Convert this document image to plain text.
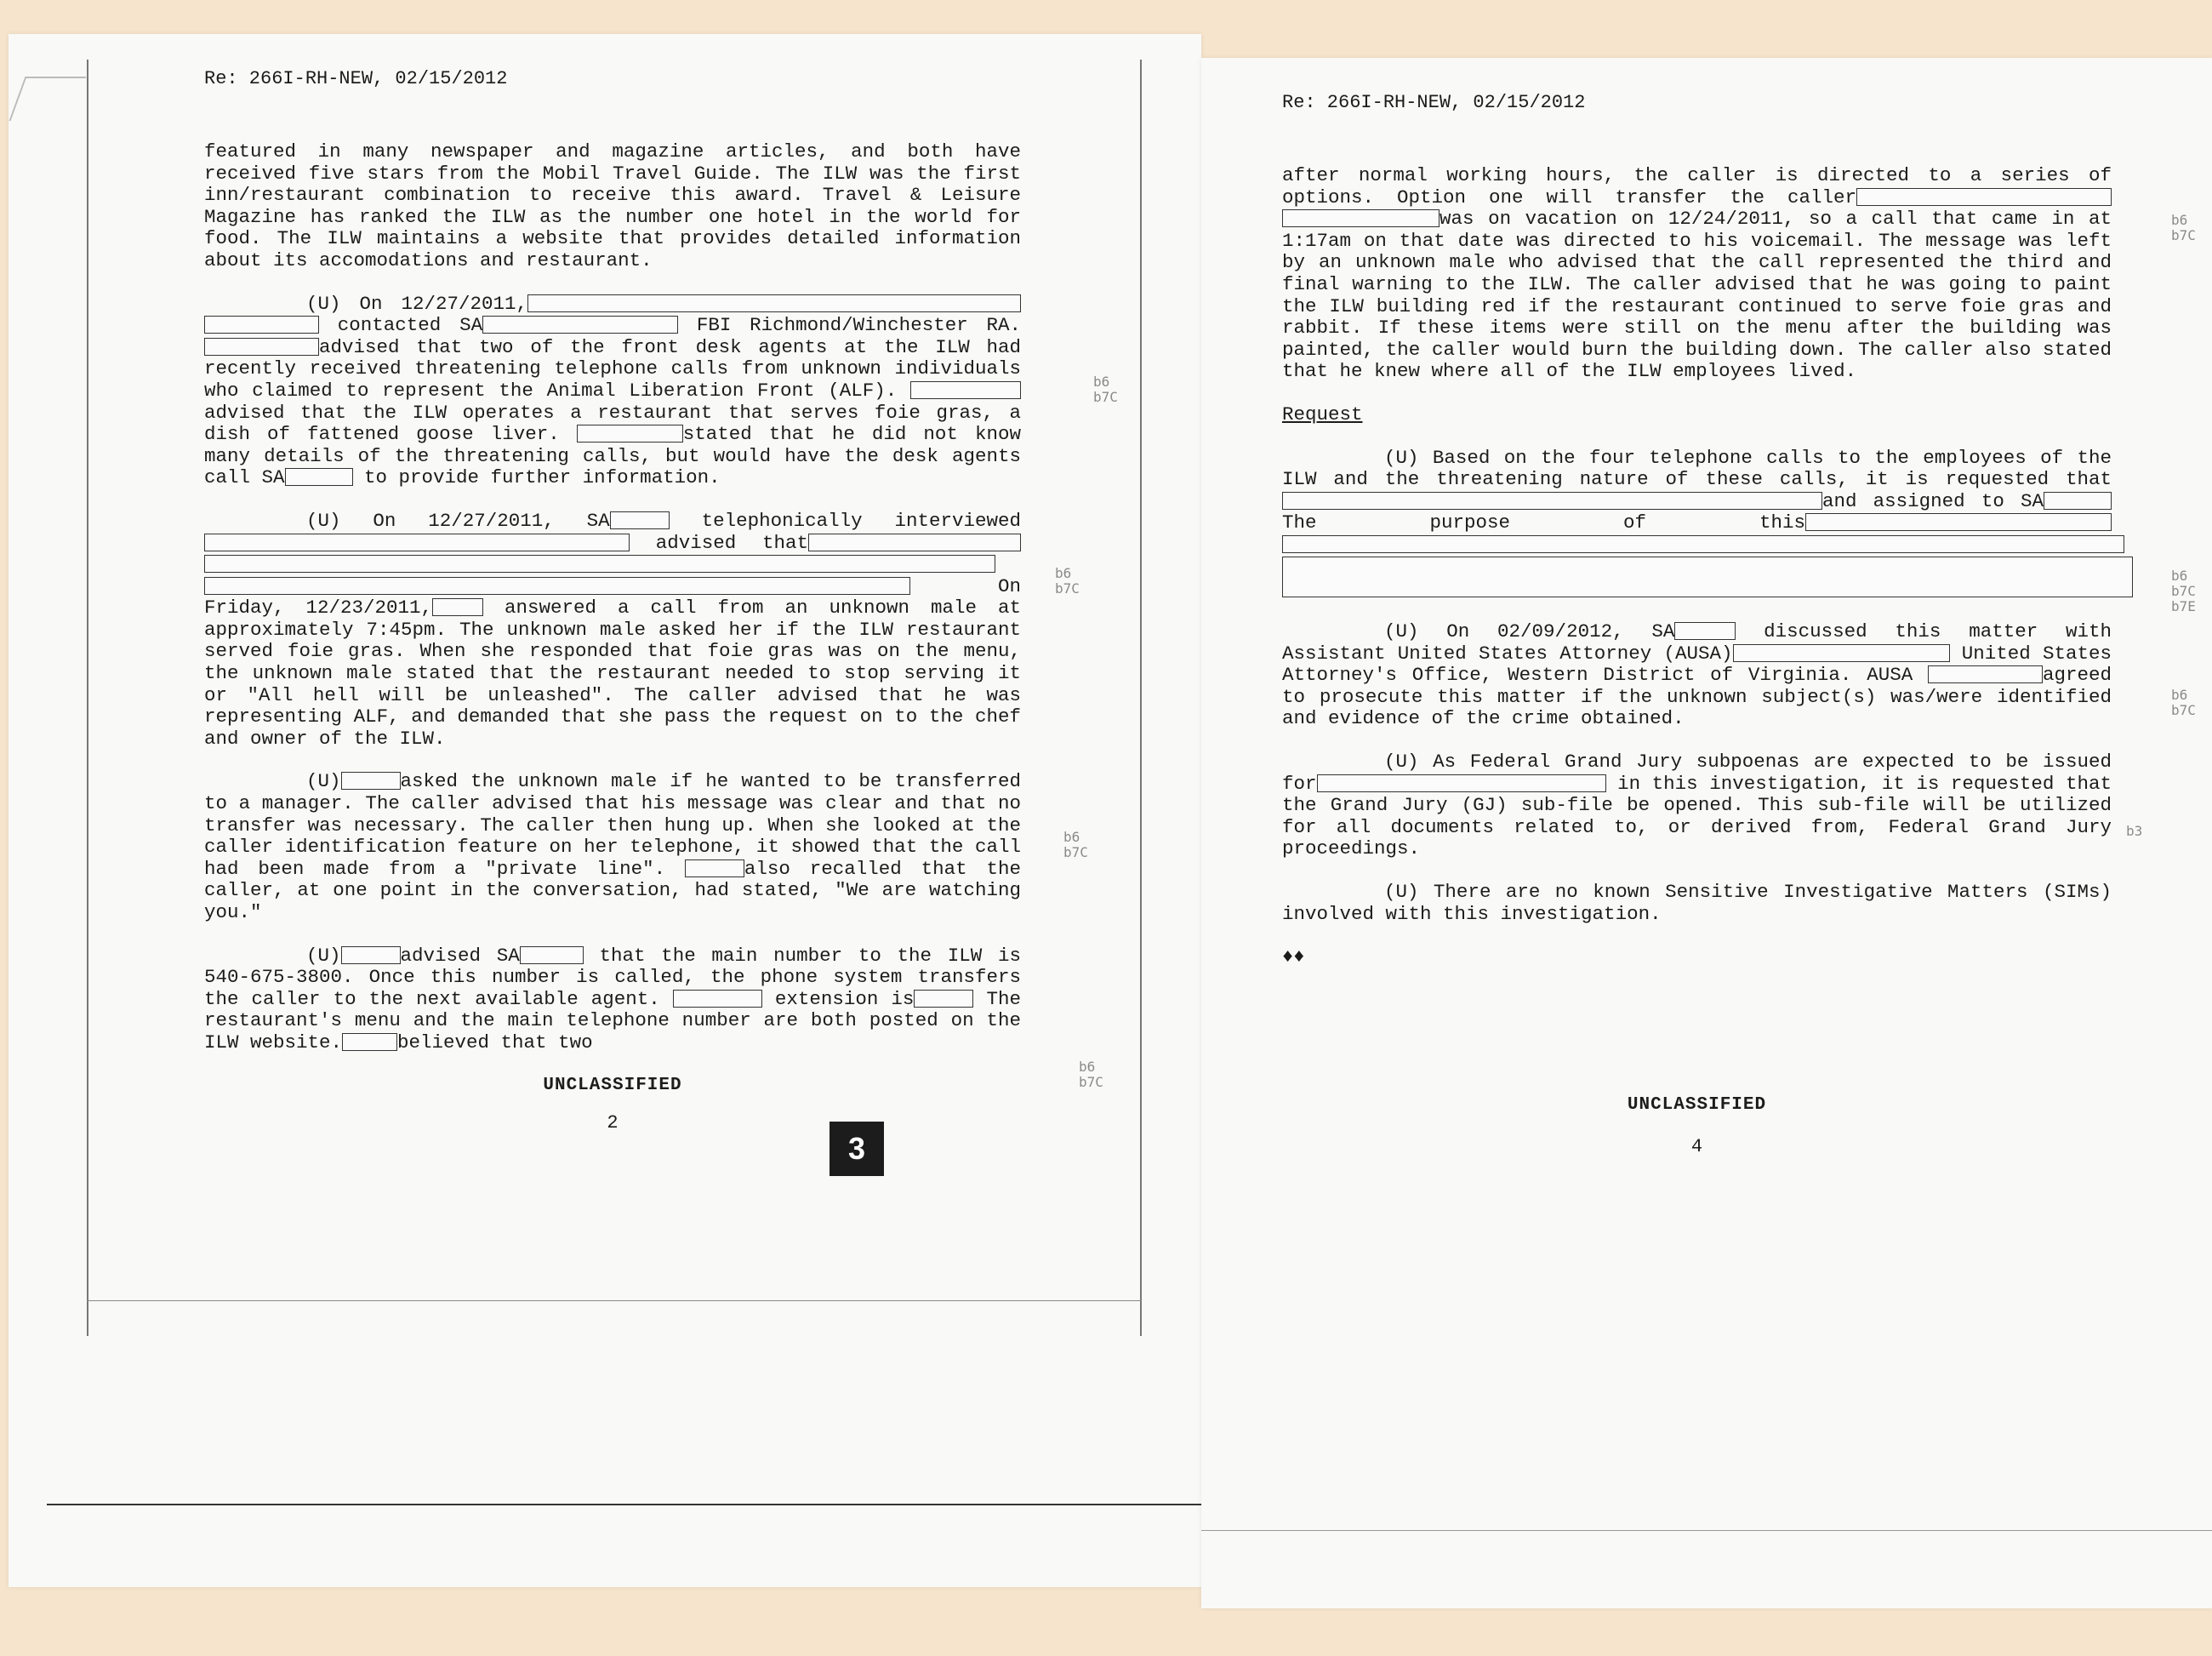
Re: 266I-RH-NEW, 02/15/2012
featured in many newspaper and magazine articles, and both have received five stars from the Mobil Travel Guide. The ILW was the first inn/restaurant combination to receive this award. Travel & Leisure Magazine has ranked the ILW as the number one hotel in the world for food. The ILW maintains a website that provides detailed information about its accomodations and restaurant.
(U) On 12/27/2011,  contacted SA	FBI Richmond/Winchester RA. advised that two of the front desk agents at the ILW had recently received threatening telephone calls from unknown individuals who claimed to represent the Animal Liberation Front (ALF). advised that the ILW operates a restaurant that serves foie gras, a dish of fattened goose liver.	stated that he did not know many details of the threatening calls, but would have the desk agents call SA	to provide further information.
(U) On 12/27/2011, SA	telephonically interviewed  advised that   On Friday, 12/23/2011,	answered a call from an unknown male at approximately 7:45pm. The unknown male asked her if the ILW restaurant served foie gras. When she responded that foie gras was on the menu, the unknown male stated that the restaurant needed to stop serving it or "All hell will be unleashed". The caller advised that he was representing ALF, and demanded that she pass the request on to the chef and owner of the ILW.
(U)	asked the unknown male if he wanted to be transferred to a manager. The caller advised that his message was clear and that no transfer was necessary. The caller then hung up. When she looked at the caller identification feature on her telephone, it showed that the call had been made from a "private line".	also recalled that the caller, at one point in the conversation, had stated, "We are watching you."
(U)	advised SA	that the main number to the ILW is 540-675-3800. Once this number is called, the phone system transfers the caller to the next available agent.	extension is	The restaurant's menu and the main telephone number are both posted on the ILW website.	believed that two
UNCLASSIFIED
2
b6
b7C
b6
b7C
b6
b7C
b6
b7C
Re: 266I-RH-NEW, 02/15/2012
after normal working hours, the caller is directed to a series of options. Option one will transfer the caller was on vacation on 12/24/2011, so a call that came in at 1:17am on that date was directed to his voicemail. The message was left by an unknown male who advised that the call represented the third and final warning to the ILW. The caller advised that he was going to paint the ILW building red if the restaurant continued to serve foie gras and rabbit. If these items were still on the menu after the building was painted, the caller would burn the building down. The caller also stated that he knew where all of the ILW employees lived.
Request
(U) Based on the four telephone calls to the employees of the ILW and the threatening nature of these calls, it is requested thatand assigned to SA The purpose of this
(U) On 02/09/2012, SA	discussed this matter with Assistant United States Attorney (AUSA)	United States Attorney's Office, Western District of Virginia. AUSA	agreed to prosecute this matter if the unknown subject(s) was/were identified and evidence of the crime obtained.
(U) As Federal Grand Jury subpoenas are expected to be issued for	in this investigation, it is requested that the Grand Jury (GJ) sub-file be opened. This sub-file will be utilized for all documents related to, or derived from, Federal Grand Jury proceedings.
(U) There are no known Sensitive Investigative Matters (SIMs) involved with this investigation.
♦♦
UNCLASSIFIED
4
b6
b7C
b6
b7C
b7E
b6
b7C
b3
3
